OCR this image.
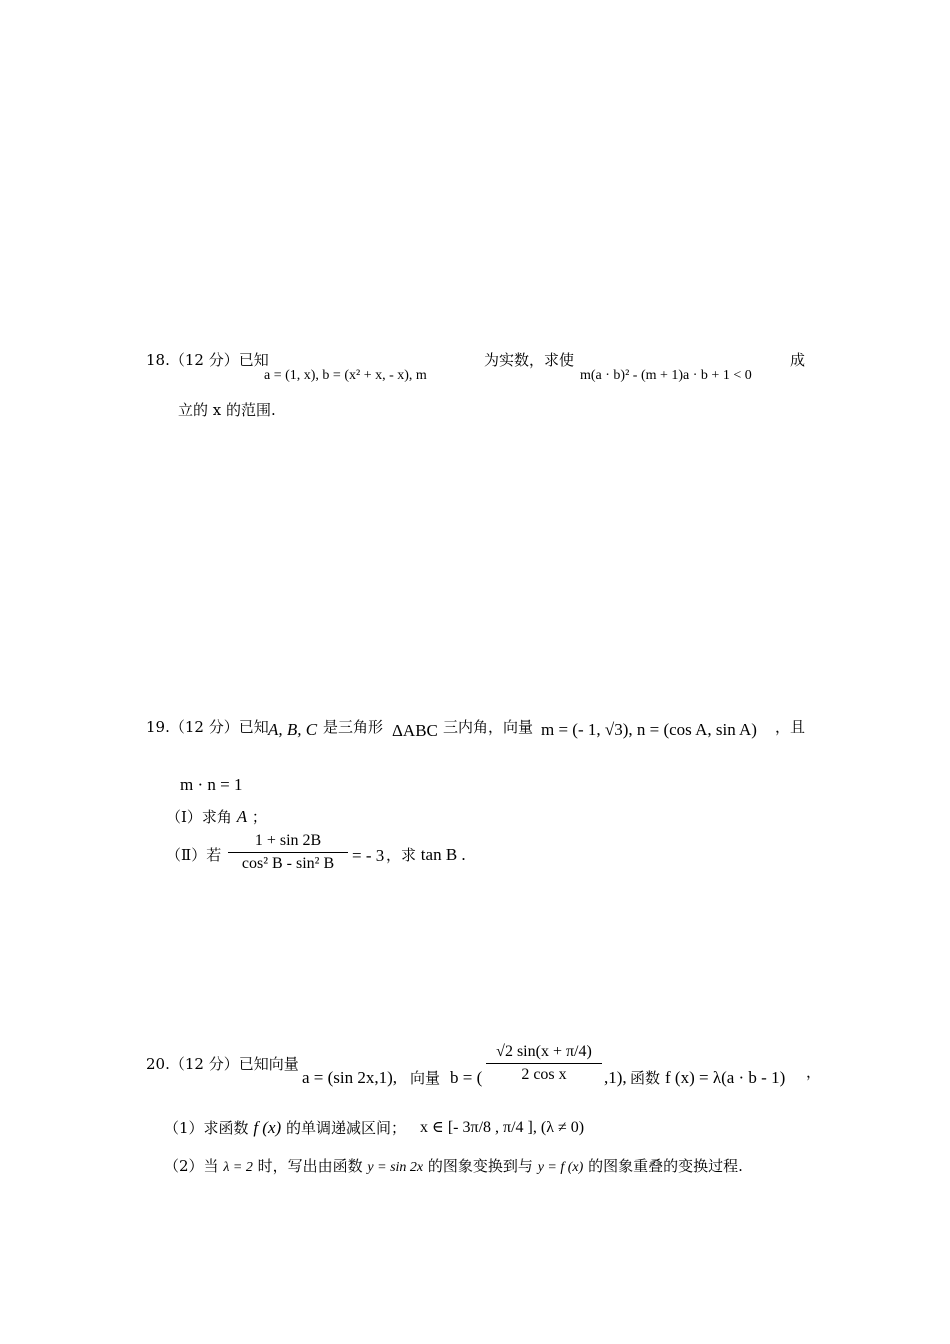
18.（12 分）已知
a = (1, x), b = (x² + x, - x), m
为实数，求使
m(a · b)² - (m + 1)a · b + 1 < 0
成
立的 x 的范围.
19.（12 分）已知 A, B, C 是三角形 ΔABC 三内角，向量 m = (- 1, √3), n = (cos A, sin A) ，且
m · n = 1
（Ⅰ）求角 A ；
（Ⅱ）若
1 + sin 2B
cos² B - sin² B	= - 3 ，求 tan B .
20.（12 分）已知向量
a = (sin 2x,1), 向量 b = (
√2 sin(x + π/4)
2 cos x	,1), 函数 f (x) = λ(a · b - 1) ，
（1）求函数 f (x) 的单调递减区间； x ∈ [- 3π/8 , π/4 ], (λ ≠ 0)
（2）当 λ = 2 时，写出由函数 y = sin 2x 的图象变换到与 y = f (x) 的图象重叠的变换过程.
